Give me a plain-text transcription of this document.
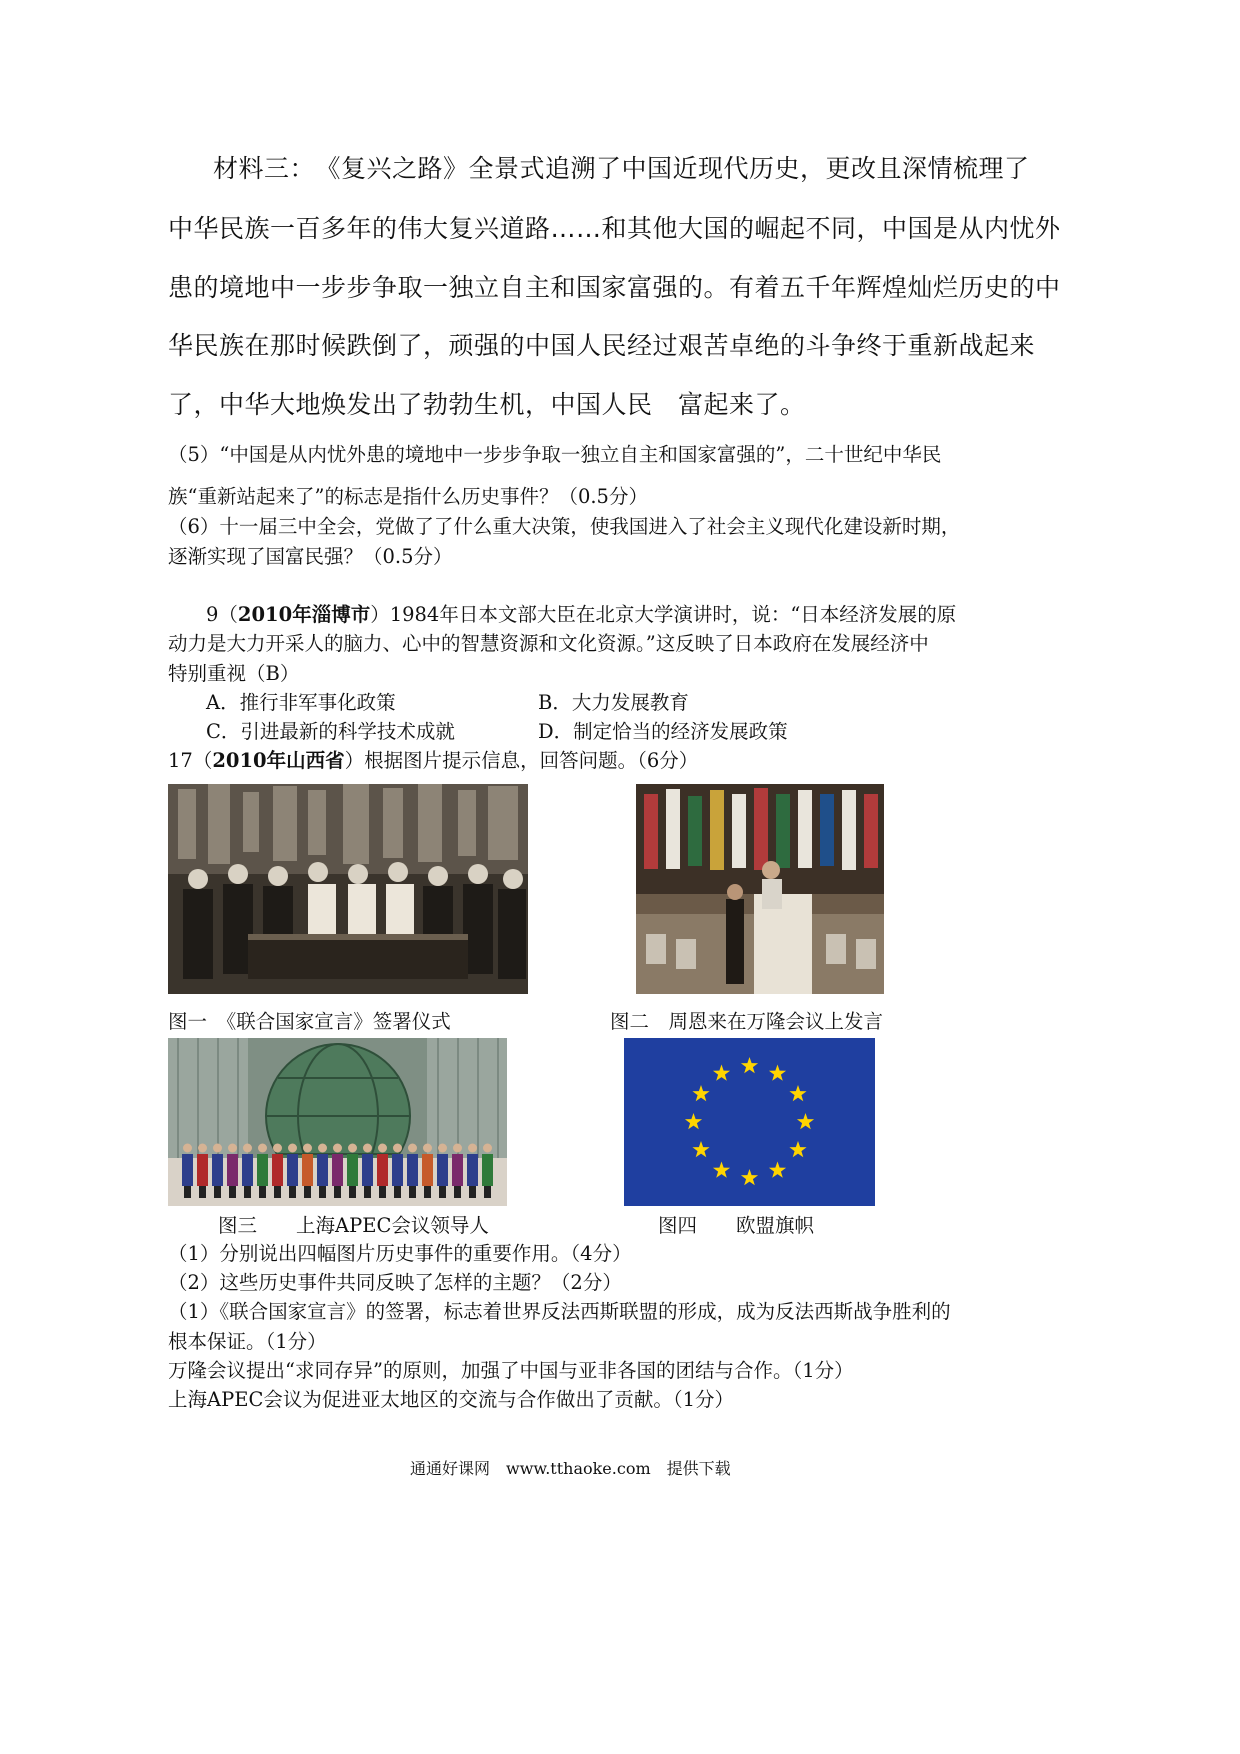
材料三：　《复兴之路》全景式追溯了中国近现代历史，更改且深情梳理了
中华民族一百多年的伟大复兴道路……和其他大国的崛起不同，中国是从内忧外
患的境地中一步步争取一独立自主和国家富强的。有着五千年辉煌灿烂历史的中
华民族在那时候跌倒了，顽强的中国人民经过艰苦卓绝的斗争终于重新战起来
了，中华大地焕发出了勃勃生机，中国人民　富起来了。
（5）“中国是从内忧外患的境地中一步步争取一独立自主和国家富强的”，二十世纪中华民
族“重新站起来了”的标志是指什么历史事件？（0.5分）
（6）十一届三中全会，党做了了什么重大决策，使我国进入了社会主义现代化建设新时期，
逐渐实现了国富民强？（0.5分）
9（2010年淄博市）1984年日本文部大臣在北京大学演讲时，说：“日本经济发展的原
动力是大力开采人的脑力、心中的智慧资源和文化资源。”这反映了日本政府在发展经济中
特别重视（B）
A．推行非军事化政策	B．大力发展教育
C．引进最新的科学技术成就	D．制定恰当的经济发展政策
17（2010年山西省）根据图片提示信息，回答问题。（6分）
图一　《联合国家宣言》签署仪式	图二　周恩来在万隆会议上发言
图三　　上海APEC会议领导人	图四　　欧盟旗帜
（1）分别说出四幅图片历史事件的重要作用。（4分）
（2）这些历史事件共同反映了怎样的主题？（2分）
（1）《联合国家宣言》的签署，标志着世界反法西斯联盟的形成，成为反法西斯战争胜利的
根本保证。（1分）
万隆会议提出“求同存异”的原则，加强了中国与亚非各国的团结与合作。（1分）
上海APEC会议为促进亚太地区的交流与合作做出了贡献。（1分）
通通好课网　www.tthaoke.com　提供下载
